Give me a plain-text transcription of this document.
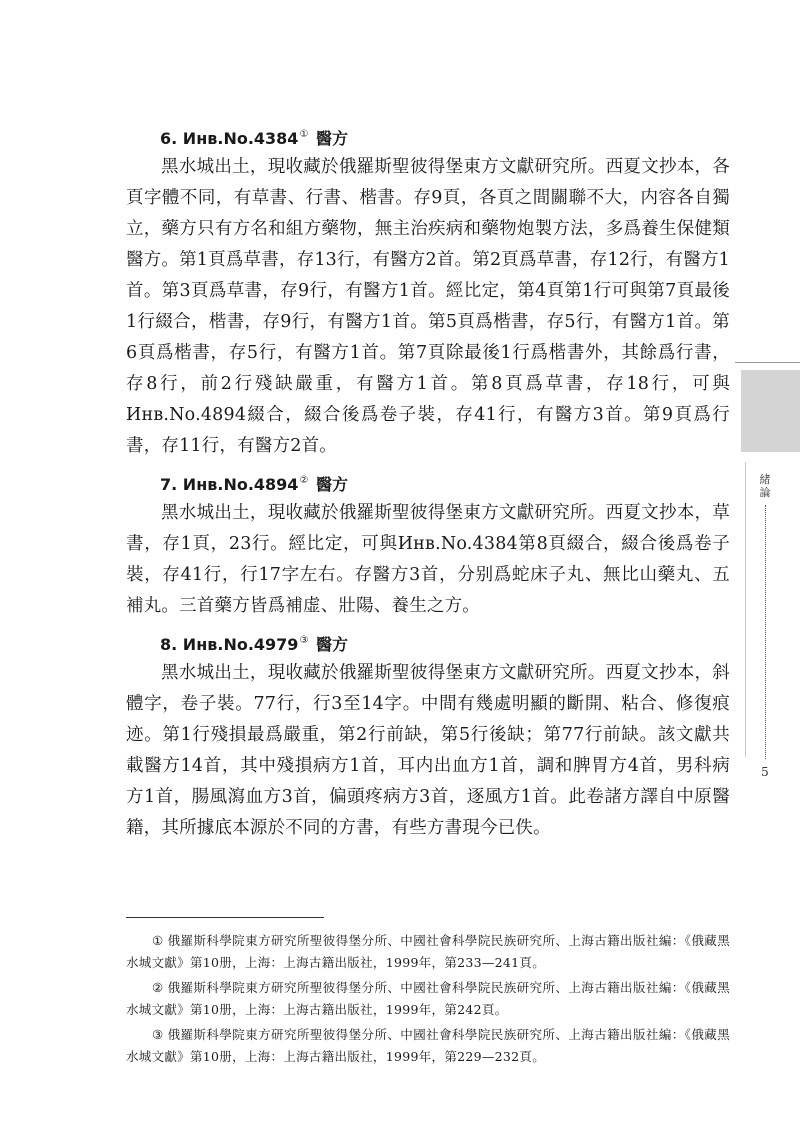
6. Инв.No.4384① 醫方

黑水城出土，現收藏於俄羅斯聖彼得堡東方文獻研究所。西夏文抄本，各頁字體不同，有草書、行書、楷書。存9頁，各頁之間關聯不大，内容各自獨立，藥方只有方名和組方藥物，無主治疾病和藥物炮製方法，多爲養生保健類醫方。第1頁爲草書，存13行，有醫方2首。第2頁爲草書，存12行，有醫方1首。第3頁爲草書，存9行，有醫方1首。經比定，第4頁第1行可與第7頁最後1行綴合，楷書，存9行，有醫方1首。第5頁爲楷書，存5行，有醫方1首。第6頁爲楷書，存5行，有醫方1首。第7頁除最後1行爲楷書外，其餘爲行書，存8行，前2行殘缺嚴重，有醫方1首。第8頁爲草書，存18行，可與Инв.No.4894綴合，綴合後爲卷子裝，存41行，有醫方3首。第9頁爲行書，存11行，有醫方2首。

7. Инв.No.4894② 醫方

黑水城出土，現收藏於俄羅斯聖彼得堡東方文獻研究所。西夏文抄本，草書，存1頁，23行。經比定，可與Инв.No.4384第8頁綴合，綴合後爲卷子裝，存41行，行17字左右。存醫方3首，分别爲蛇床子丸、無比山藥丸、五補丸。三首藥方皆爲補虚、壯陽、養生之方。

8. Инв.No.4979③ 醫方

黑水城出土，現收藏於俄羅斯聖彼得堡東方文獻研究所。西夏文抄本，斜體字，卷子裝。77行，行3至14字。中間有幾處明顯的斷開、粘合、修復痕迹。第1行殘損最爲嚴重，第2行前缺，第5行後缺；第77行前缺。該文獻共載醫方14首，其中殘損病方1首，耳内出血方1首，調和脾胃方4首，男科病方1首，腸風瀉血方3首，偏頭疼病方3首，逐風方1首。此卷諸方譯自中原醫籍，其所據底本源於不同的方書，有些方書現今已佚。

① 俄羅斯科學院東方研究所聖彼得堡分所、中國社會科學院民族研究所、上海古籍出版社編：《俄藏黑水城文獻》第10册，上海：上海古籍出版社，1999年，第233—241頁。

② 俄羅斯科學院東方研究所聖彼得堡分所、中國社會科學院民族研究所、上海古籍出版社編：《俄藏黑水城文獻》第10册，上海：上海古籍出版社，1999年，第242頁。

③ 俄羅斯科學院東方研究所聖彼得堡分所、中國社會科學院民族研究所、上海古籍出版社編：《俄藏黑水城文獻》第10册，上海：上海古籍出版社，1999年，第229—232頁。

緒
論
5
